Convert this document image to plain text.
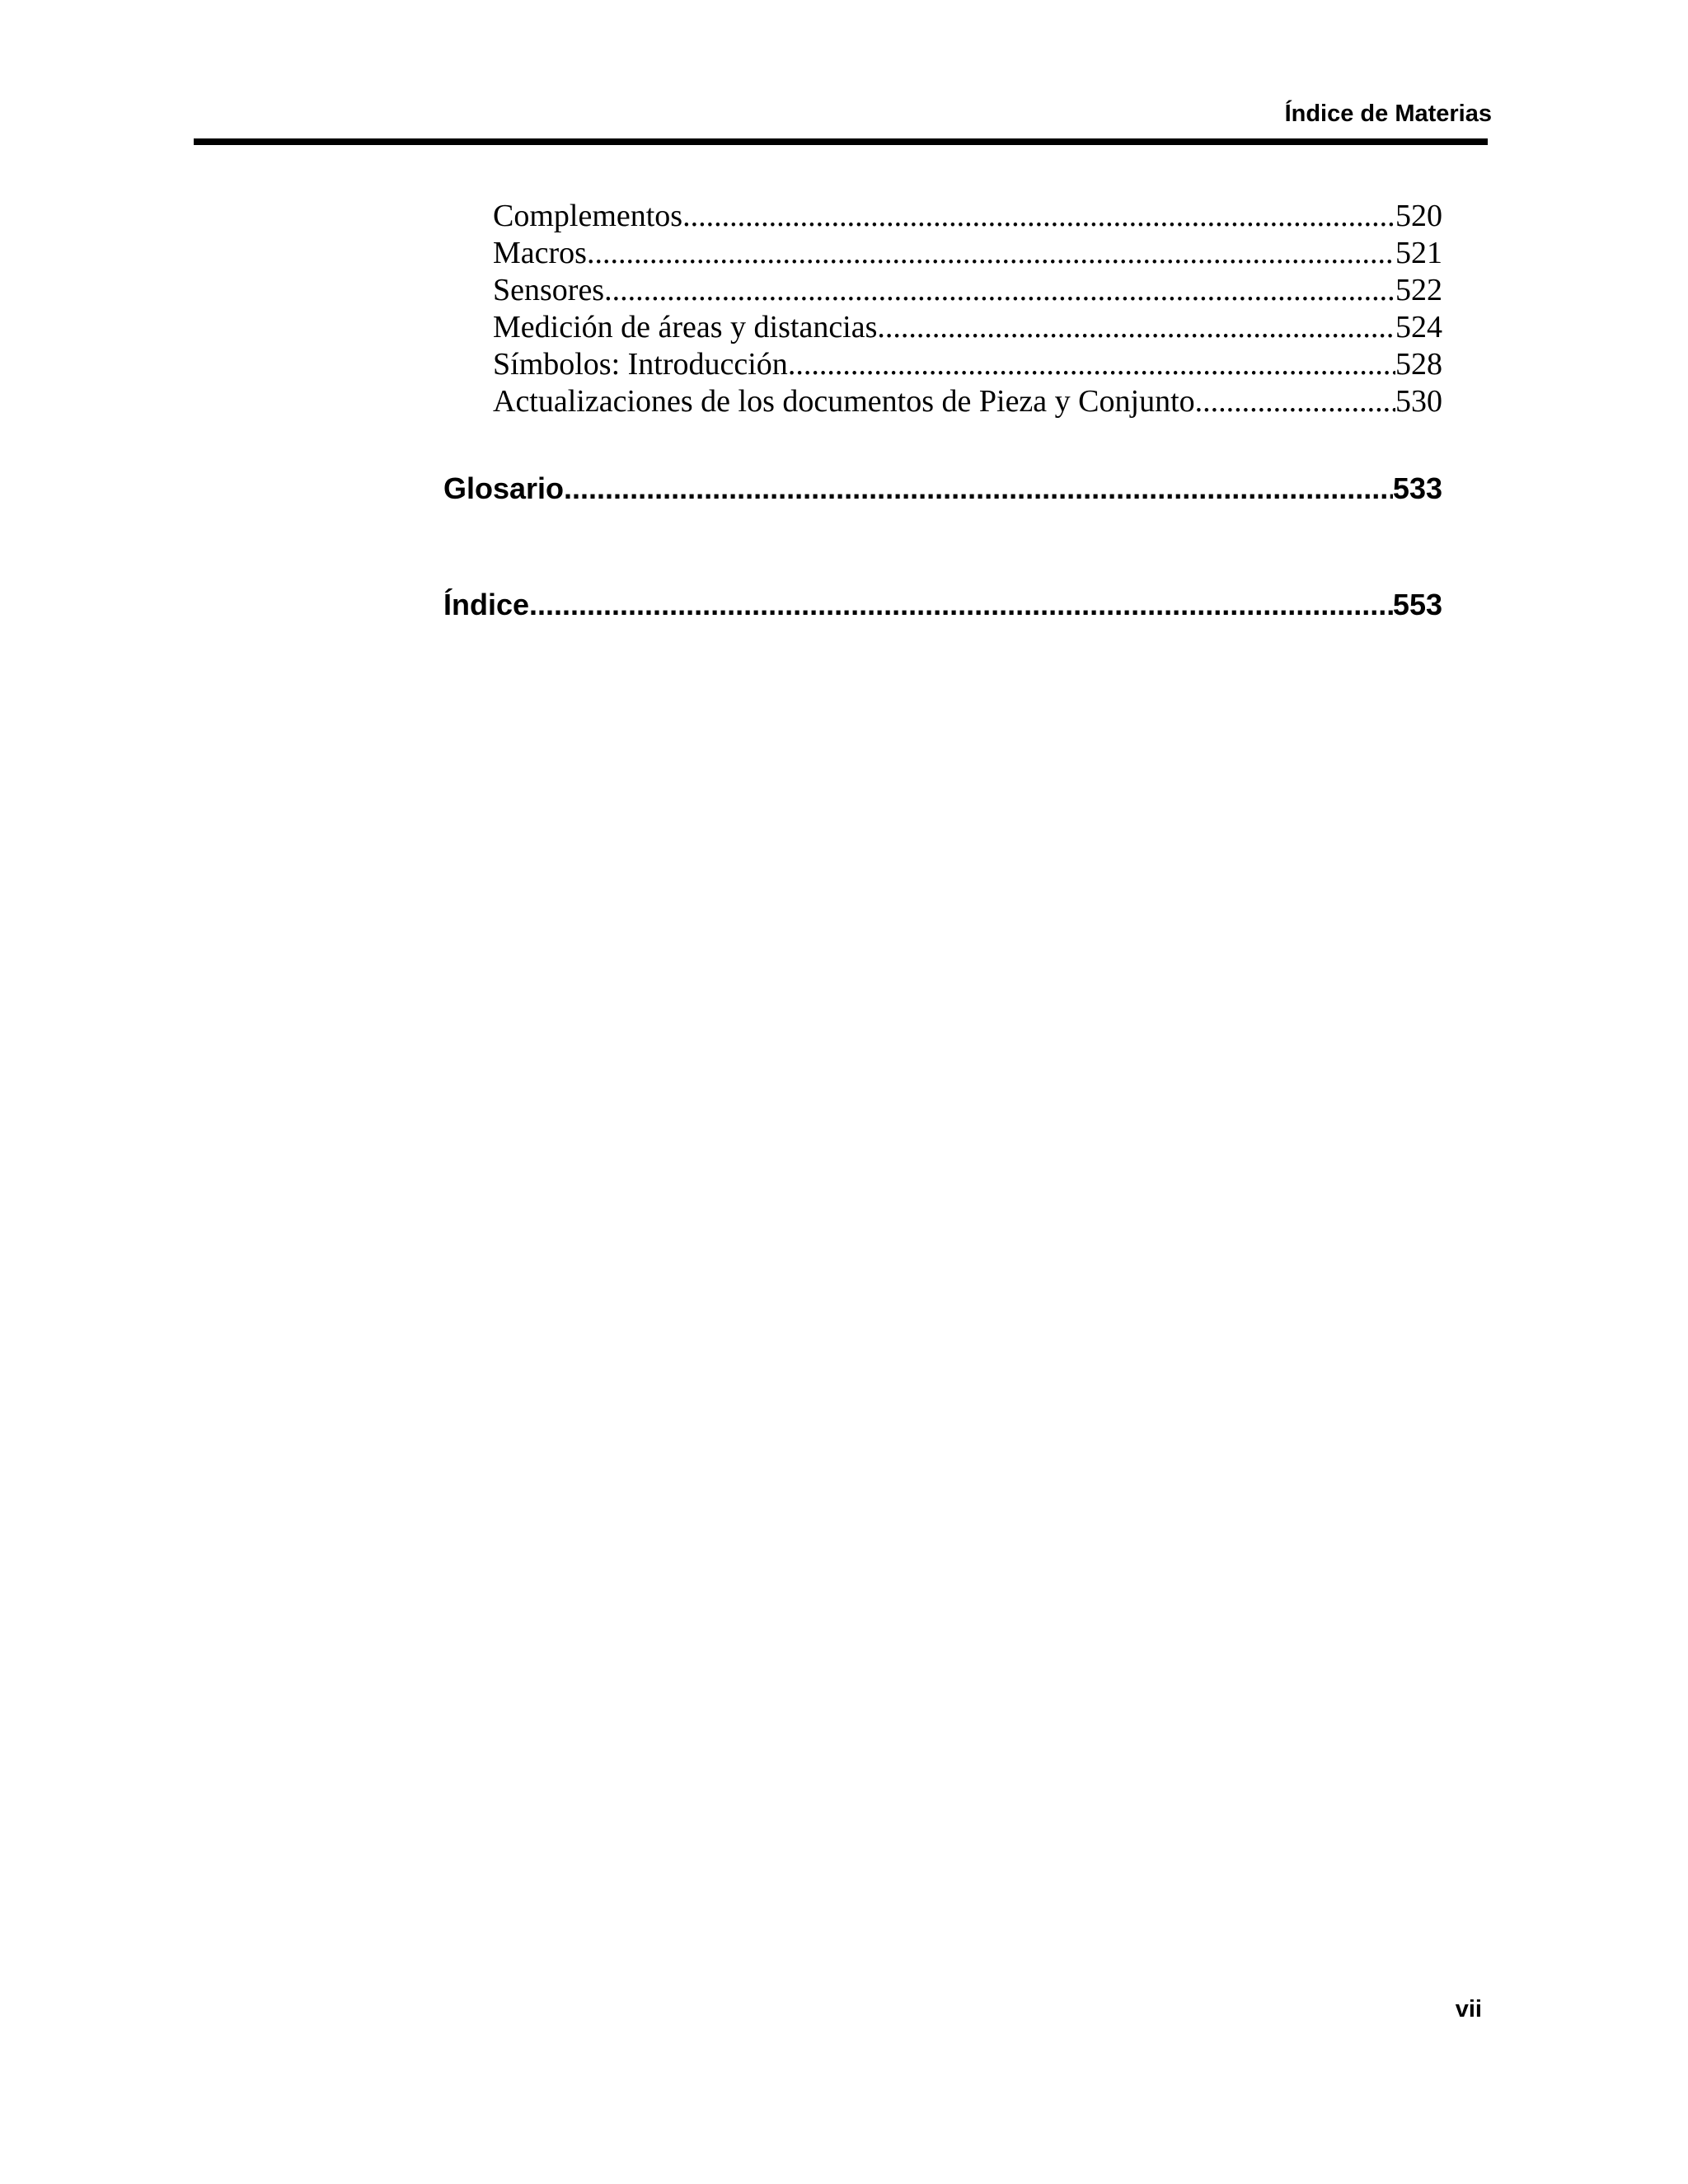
Índice de Materias
Complementos .....	520
Macros .....	521
Sensores .....	522
Medición de áreas y distancias .....	524
Símbolos: Introducción .....	528
Actualizaciones de los documentos de Pieza y Conjunto .....	530
Glosario .....	533
Índice .....	553
vii
